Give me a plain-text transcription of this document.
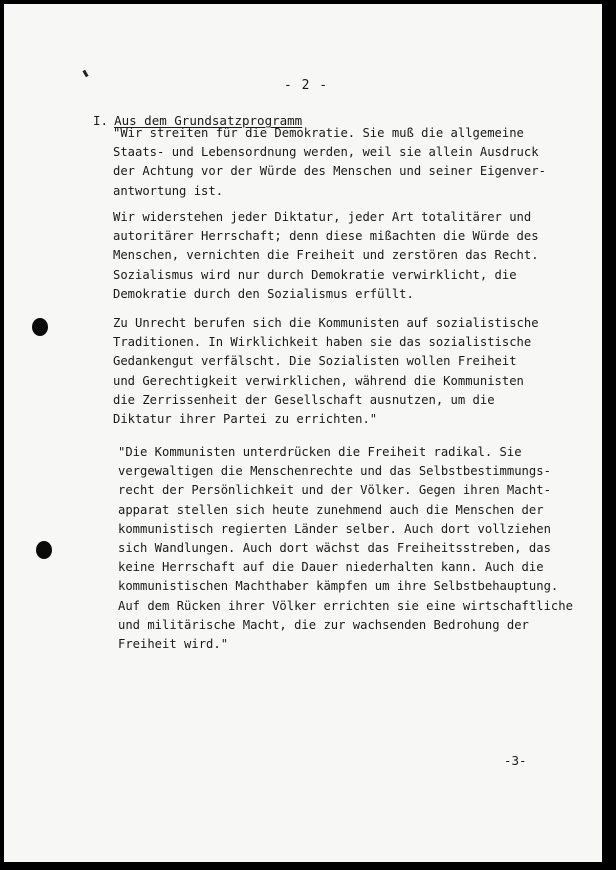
- 2 -
I. Aus dem Grundsatzprogramm
"Wir streiten für die Demokratie. Sie muß die allgemeine
Staats- und Lebensordnung werden, weil sie allein Ausdruck
der Achtung vor der Würde des Menschen und seiner Eigenver-
antwortung ist.
Wir widerstehen jeder Diktatur, jeder Art totalitärer und
autoritärer Herrschaft; denn diese mißachten die Würde des
Menschen, vernichten die Freiheit und zerstören das Recht.
Sozialismus wird nur durch Demokratie verwirklicht, die
Demokratie durch den Sozialismus erfüllt.
Zu Unrecht berufen sich die Kommunisten auf sozialistische
Traditionen. In Wirklichkeit haben sie das sozialistische
Gedankengut verfälscht. Die Sozialisten wollen Freiheit
und Gerechtigkeit verwirklichen, während die Kommunisten
die Zerrissenheit der Gesellschaft ausnutzen, um die
Diktatur ihrer Partei zu errichten."
"Die Kommunisten unterdrücken die Freiheit radikal. Sie
vergewaltigen die Menschenrechte und das Selbstbestimmungs-
recht der Persönlichkeit und der Völker. Gegen ihren Macht-
apparat stellen sich heute zunehmend auch die Menschen der
kommunistisch regierten Länder selber. Auch dort vollziehen
sich Wandlungen. Auch dort wächst das Freiheitsstreben, das
keine Herrschaft auf die Dauer niederhalten kann. Auch die
kommunistischen Machthaber kämpfen um ihre Selbstbehauptung.
Auf dem Rücken ihrer Völker errichten sie eine wirtschaftliche
und militärische Macht, die zur wachsenden Bedrohung der
Freiheit wird."
-3-
